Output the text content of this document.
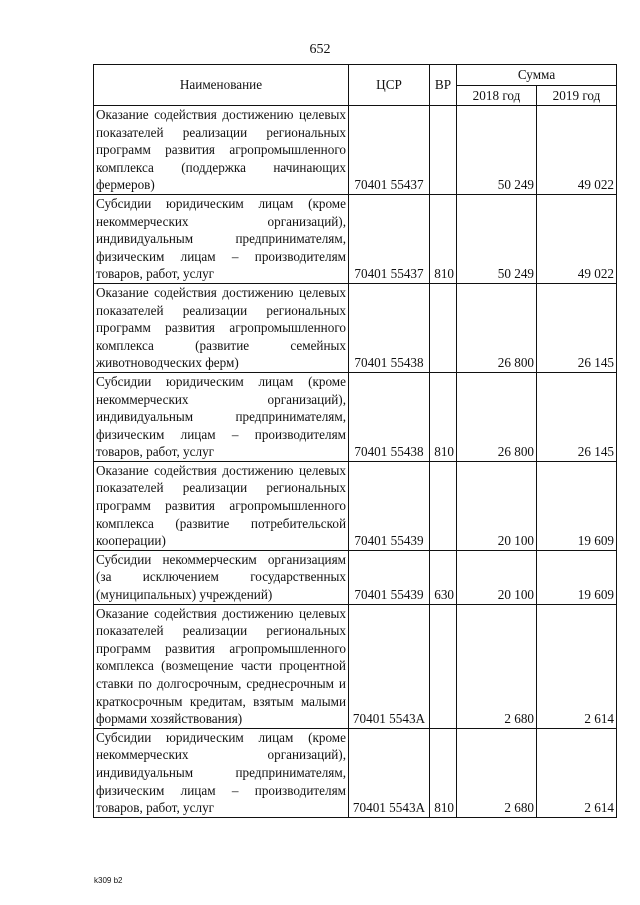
652
Наименование	ЦСР	ВР	Сумма	
			2018 год	2019 год
Оказание содействия достижению целевых показателей реализации региональных программ развития агропромышленного комплекса (поддержка начинающих фермеров)	70401 55437		50 249	49 022
Субсидии юридическим лицам (кроме некоммерческих организаций), индивидуальным предпринимателям, физическим лицам – производителям товаров, работ, услуг	70401 55437	810	50 249	49 022
Оказание содействия достижению целевых показателей реализации региональных программ развития агропромышленного комплекса (развитие семейных животноводческих ферм)	70401 55438		26 800	26 145
Субсидии юридическим лицам (кроме некоммерческих организаций), индивидуальным предпринимателям, физическим лицам – производителям товаров, работ, услуг	70401 55438	810	26 800	26 145
Оказание содействия достижению целевых показателей реализации региональных программ развития агропромышленного комплекса (развитие потребительской кооперации)	70401 55439		20 100	19 609
Субсидии некоммерческим организациям (за исключением государственных (муниципальных) учреждений)	70401 55439	630	20 100	19 609
Оказание содействия достижению целевых показателей реализации региональных программ развития агропромышленного комплекса (возмещение части процентной ставки по долгосрочным, среднесрочным и краткосрочным кредитам, взятым малыми формами хозяйствования)	70401 5543А		2 680	2 614
Субсидии юридическим лицам (кроме некоммерческих организаций), индивидуальным предпринимателям, физическим лицам – производителям товаров, работ, услуг	70401 5543А	810	2 680	2 614
k309 b2
